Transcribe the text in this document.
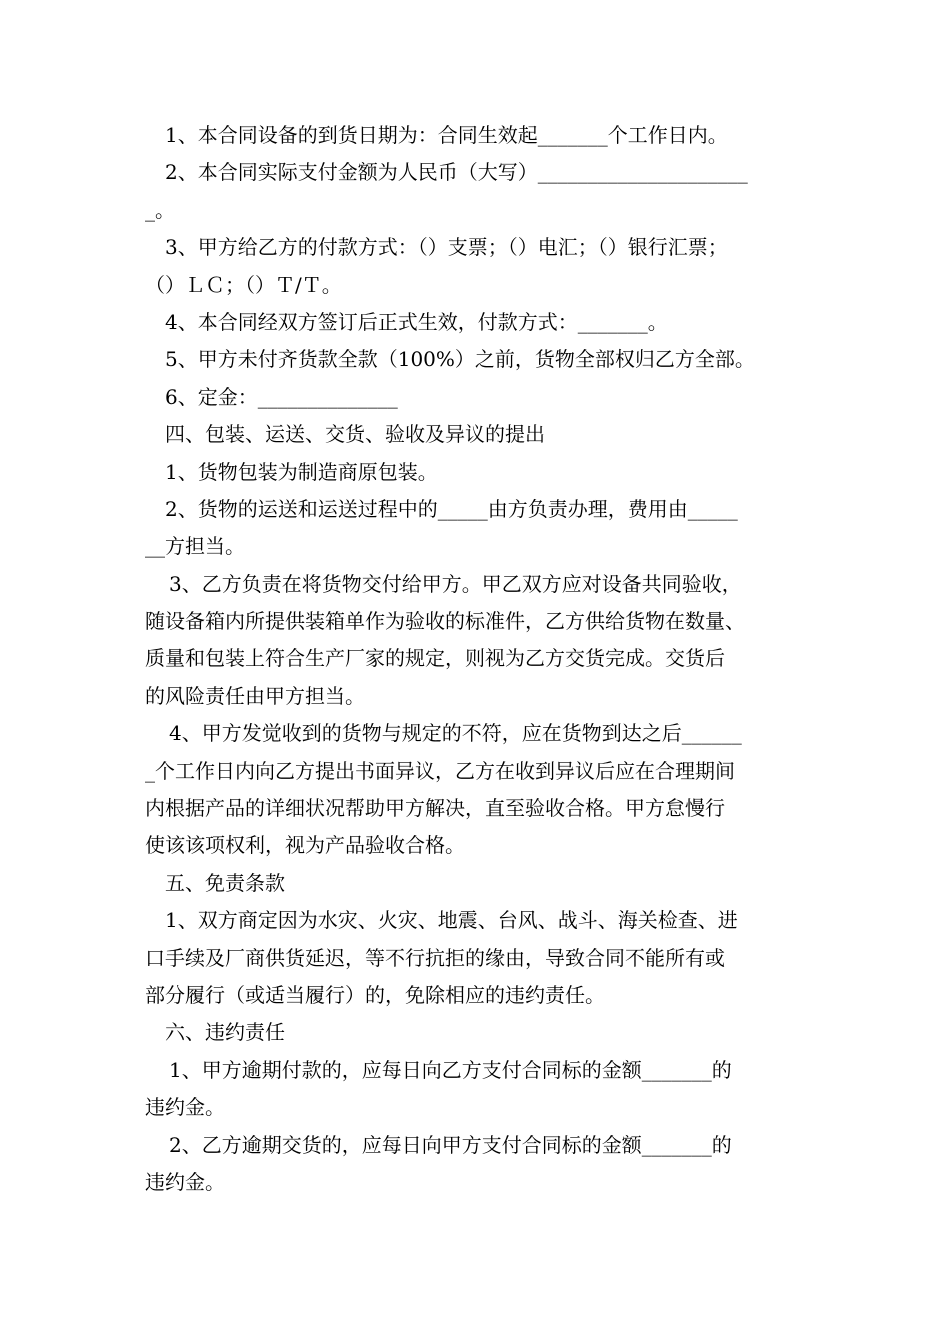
1、本合同设备的到货日期为：合同生效起_______个工作日内。
2、本合同实际支付金额为人民币（大写）_____________________
_。
3、甲方给乙方的付款方式：（）支票；（）电汇；（）银行汇票；
（）ＬＣ；（）Ｔ/Ｔ。
4、本合同经双方签订后正式生效，付款方式：_______。
5、甲方未付齐货款全款（100%）之前，货物全部权归乙方全部。
6、定金：______________
四、包装、运送、交货、验收及异议的提出
1、货物包装为制造商原包装。
2、货物的运送和运送过程中的_____由方负责办理，费用由_____
__方担当。
3、乙方负责在将货物交付给甲方。甲乙双方应对设备共同验收，
随设备箱内所提供装箱单作为验收的标准件，乙方供给货物在数量、
质量和包装上符合生产厂家的规定，则视为乙方交货完成。交货后
的风险责任由甲方担当。
4、甲方发觉收到的货物与规定的不符，应在货物到达之后______
_个工作日内向乙方提出书面异议，乙方在收到异议后应在合理期间
内根据产品的详细状况帮助甲方解决，直至验收合格。甲方怠慢行
使该该项权利，视为产品验收合格。
五、免责条款
1、双方商定因为水灾、火灾、地震、台风、战斗、海关检查、进
口手续及厂商供货延迟，等不行抗拒的缘由，导致合同不能所有或
部分履行（或适当履行）的，免除相应的违约责任。
六、违约责任
1、甲方逾期付款的，应每日向乙方支付合同标的金额_______的
违约金。
2、乙方逾期交货的，应每日向甲方支付合同标的金额_______的
违约金。
